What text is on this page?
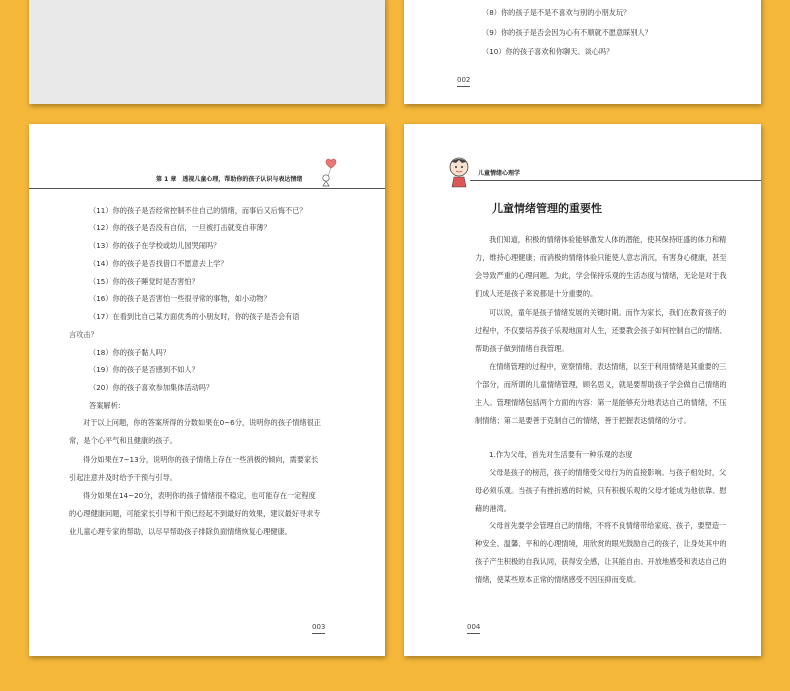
（8）你的孩子是不是不喜欢与别的小朋友玩？
（9）你的孩子是否会因为心有不顺就不愿意睬别人？
（10）你的孩子喜欢和你聊天、谈心吗？
002
第 1 章　透视儿童心理，帮助你的孩子认识与表达情绪
（11）你的孩子是否经常控制不住自己的情绪，而事后又后悔不已？
（12）你的孩子是否没有自信，一旦被打击就变自菲薄？
（13）你的孩子在学校或幼儿园哭闹吗？
（14）你的孩子是否找借口不愿意去上学？
（15）你的孩子睡觉时是否害怕？
（16）你的孩子是否害怕一些很寻常的事物，如小动物？
（17）在看到比自己某方面优秀的小朋友时，你的孩子是否会有语
言攻击？
（18）你的孩子黏人吗？
（19）你的孩子是否感到不如人？
（20）你的孩子喜欢参加集体活动吗？
答案解析：
对于以上问题，你的答案所得的分数如果在0~6分，说明你的孩子情绪很正常，是个心平气和且健康的孩子。
得分如果在7~13分，说明你的孩子情绪上存在一些消极的倾向，需要家长引起注意并及时给予干预与引导。
得分如果在14~20分，表明你的孩子情绪很不稳定，也可能存在一定程度的心理健康问题，可能家长引导和干预已经起不到最好的效果，建议最好寻求专业儿童心理专家的帮助，以尽早帮助孩子排除负面情绪恢复心理健康。
003
儿童情绪心理学
儿童情绪管理的重要性
我们知道，积极的情绪体验能够激发人体的潜能，使其保持旺盛的体力和精力，维持心理健康；而消极的情绪体验只能使人意志消沉，有害身心健康，甚至会导致严重的心理问题。为此，学会保持乐观的生活态度与情绪，无论是对于我们成人还是孩子来说都是十分重要的。
可以说，童年是孩子情绪发展的关键时期。而作为家长，我们在教育孩子的过程中，不仅要培养孩子乐观地面对人生，还要教会孩子如何控制自己的情绪、帮助孩子做到情绪自我管理。
在情绪管理的过程中，宽察情绪、表达情绪，以至于利用情绪是其重要的三个部分，而所谓的儿童情绪管理，顾名思义，就是要帮助孩子学会做自己情绪的主人。管理情绪包括两个方面的内容：第一是能够充分地表达自己的情绪，不压制情绪；第二是要善于克制自己的情绪，善于把握表达情绪的分寸。
1.作为父母，首先对生活要有一种乐观的态度
父母是孩子的榜范，孩子的情绪受父母行为的直接影响。与孩子相处时，父母必须乐观。当孩子有挫折感的时候，只有积极乐观的父母才能成为他依靠、慰藉的港湾。
父母首先要学会管理自己的情绪，不将不良情绪带给家庭、孩子，要塑造一种安全、温馨、平和的心理情境，用欣赏的眼光鼓励自己的孩子，让身处其中的孩子产生积极的自我认同，获得安全感，让其能自由、开放地感受和表达自己的情绪，使某些原本正常的情绪感受不因压抑而变质。
004
